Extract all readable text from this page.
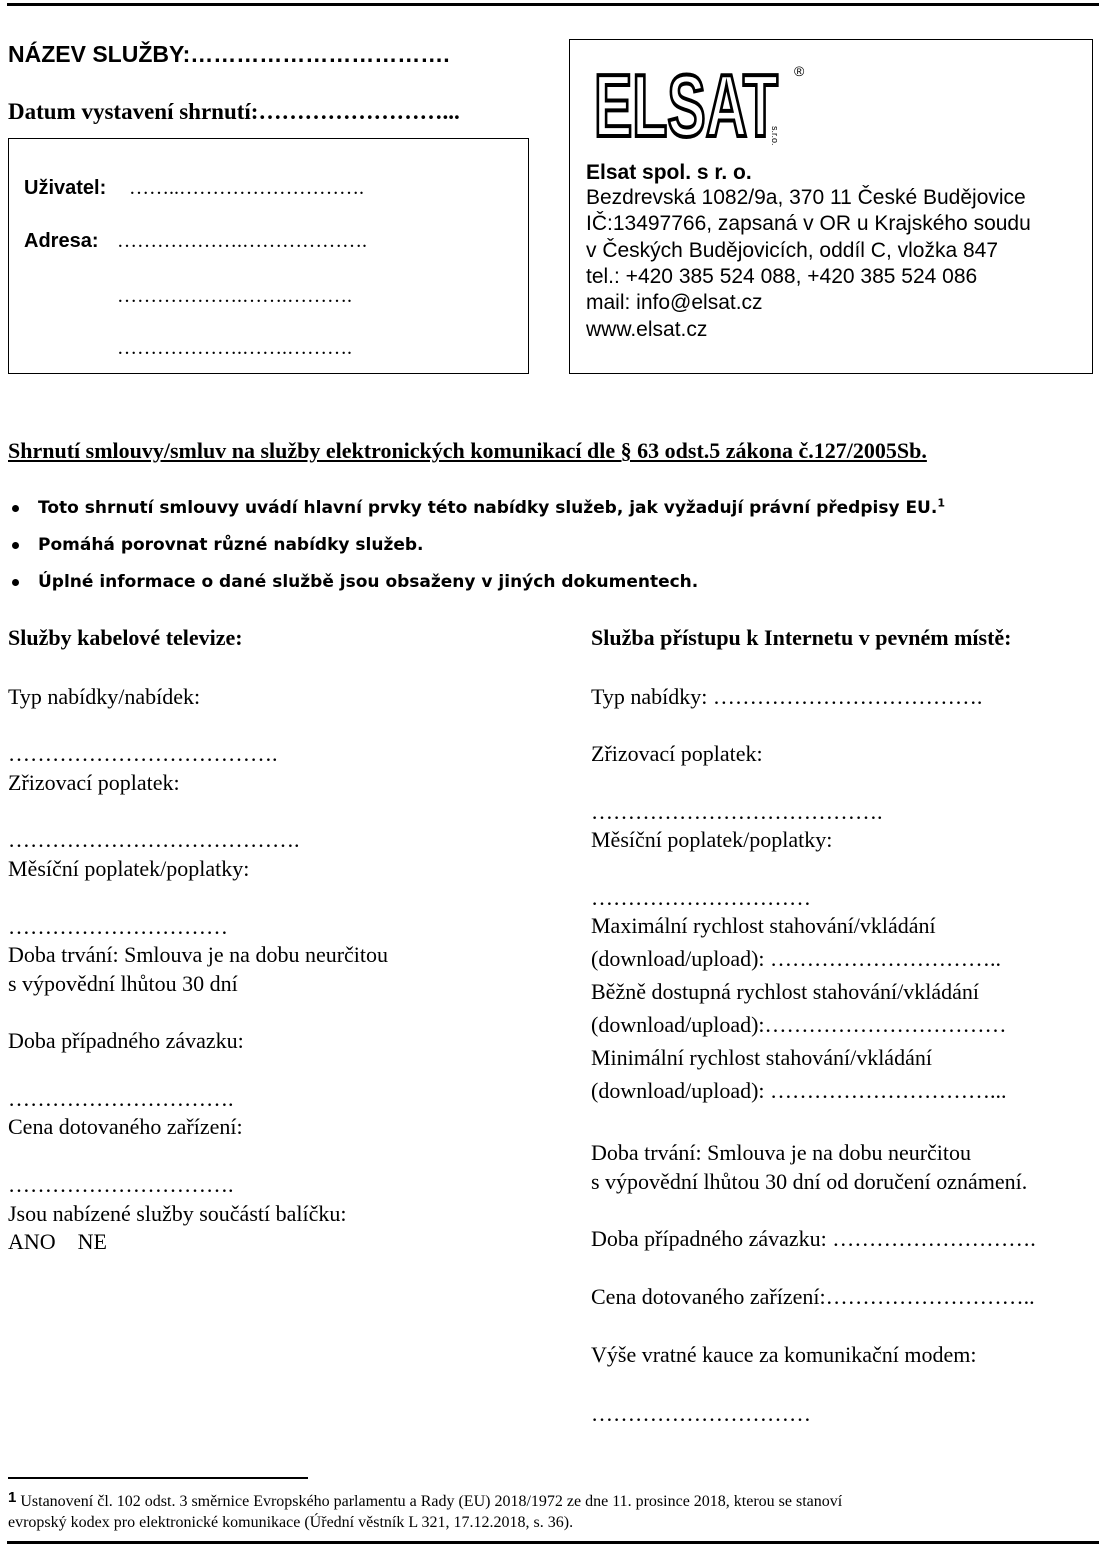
NÁZEV SLUŽBY:…………………………….
Datum vystavení shrnutí:……………………...
Uživatel: ……..……………………….
Adresa: ……………….……………….
……………….…….……….
……………….…….……….
ELSAT ®
s.r.o.
Elsat spol. s r. o.
Bezdrevská 1082/9a, 370 11 České Budějovice
IČ:13497766, zapsaná v OR u Krajského soudu
v Českých Budějovicích, oddíl C, vložka 847
tel.: +420 385 524 088, +420 385 524 086
mail: info@elsat.cz
www.elsat.cz
Shrnutí smlouvy/smluv na služby elektronických komunikací dle § 63 odst.5 zákona č.127/2005Sb.
Toto shrnutí smlouvy uvádí hlavní prvky této nabídky služeb, jak vyžadují právní předpisy EU.$^1$
Pomáhá porovnat různé nabídky služeb.
Úplné informace o dané službě jsou obsaženy v jiných dokumentech.
Služby kabelové televize:
Typ nabídky/nabídek:
……………………………….
Zřizovací poplatek:
………………………………….
Měsíční poplatek/poplatky:
…………………………
Doba trvání: Smlouva je na dobu neurčitou
s výpovědní lhůtou 30 dní
Doba případného závazku:
………………………….
Cena dotovaného zařízení:
………………………….
Jsou nabízené služby součástí balíčku:
ANO    NE
Služba přístupu k Internetu v pevném místě:
Typ nabídky: ……………………………….
Zřizovací poplatek:
………………………………….
Měsíční poplatek/poplatky:
…………………………
Maximální rychlost stahování/vkládání
(download/upload): …………………………..
Běžně dostupná rychlost stahování/vkládání
(download/upload):……………………………
Minimální rychlost stahování/vkládání
(download/upload): …………………………...
Doba trvání: Smlouva je na dobu neurčitou
s výpovědní lhůtou 30 dní od doručení oznámení.
Doba případného závazku: ……………………….
Cena dotovaného zařízení:………………………..
Výše vratné kauce za komunikační modem:
…………………………
1 Ustanovení čl. 102 odst. 3 směrnice Evropského parlamentu a Rady (EU) 2018/1972 ze dne 11. prosince 2018, kterou se stanoví
evropský kodex pro elektronické komunikace (Úřední věstník L 321, 17.12.2018, s. 36).
